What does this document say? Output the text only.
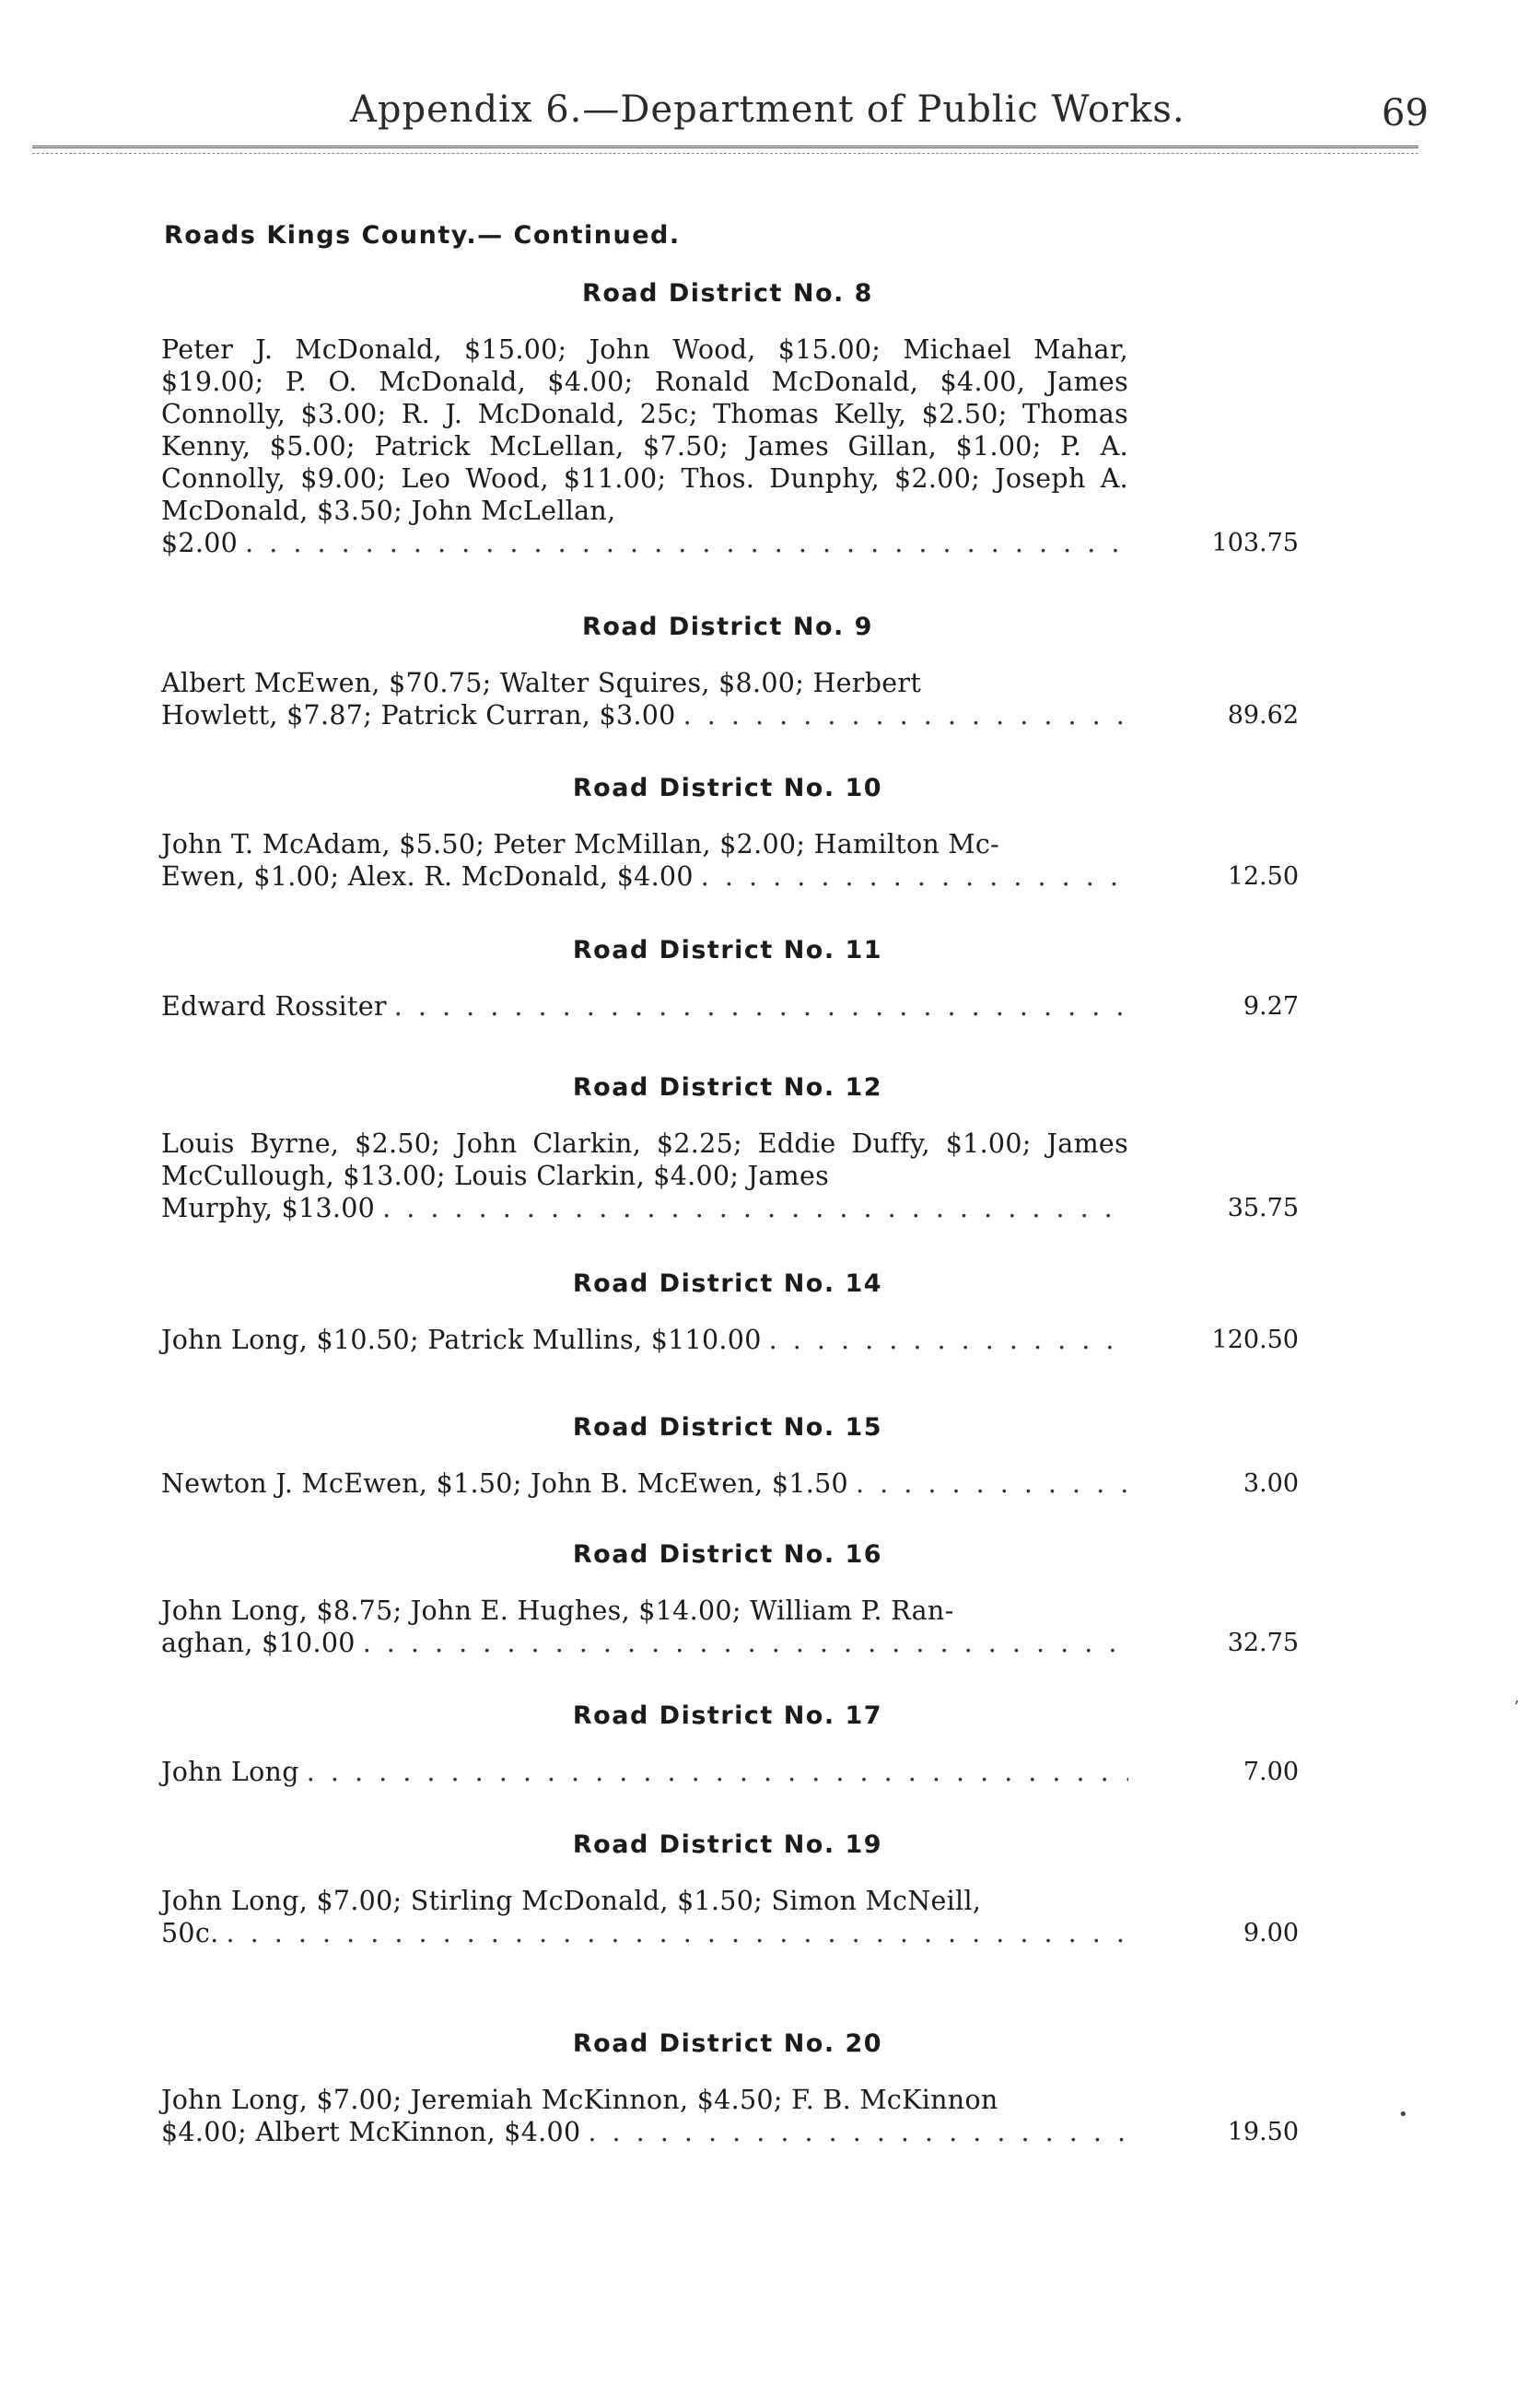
Appendix 6.—Department of Public Works.	69
Roads Kings County.— Continued.
Road District No. 8
Peter J. McDonald, $15.00; John Wood, $15.00; Michael Mahar, $19.00; P. O. McDonald, $4.00; Ronald McDonald, $4.00, James Connolly, $3.00; R. J. McDonald, 25c; Thomas Kelly, $2.50; Thomas Kenny, $5.00; Patrick McLellan, $7.50; James Gillan, $1.00; P. A. Connolly, $9.00; Leo Wood, $11.00; Thos. Dunphy, $2.00; Joseph A. McDonald, $3.50; John McLellan,
$2.00 . . .	103.75
Road District No. 9
Albert McEwen, $70.75; Walter Squires, $8.00; Herbert
Howlett, $7.87; Patrick Curran, $3.00 . . .	89.62
Road District No. 10
John T. McAdam, $5.50; Peter McMillan, $2.00; Hamilton Mc-
Ewen, $1.00; Alex. R. McDonald, $4.00 . . .	12.50
Road District No. 11
Edward Rossiter . . .	9.27
Road District No. 12
Louis Byrne, $2.50; John Clarkin, $2.25; Eddie Duffy, $1.00; James McCullough, $13.00; Louis Clarkin, $4.00; James
Murphy, $13.00 . . .	35.75
Road District No. 14
John Long, $10.50; Patrick Mullins, $110.00 . . .	120.50
Road District No. 15
Newton J. McEwen, $1.50; John B. McEwen, $1.50 . . .	3.00
Road District No. 16
John Long, $8.75; John E. Hughes, $14.00; William P. Ran-
aghan, $10.00 . . .	32.75
Road District No. 17
John Long . . .	7.00
Road District No. 19
John Long, $7.00; Stirling McDonald, $1.50; Simon McNeill,
50c. . . .	9.00
Road District No. 20
John Long, $7.00; Jeremiah McKinnon, $4.50; F. B. McKinnon
$4.00; Albert McKinnon, $4.00 . . .	19.50
,
•
